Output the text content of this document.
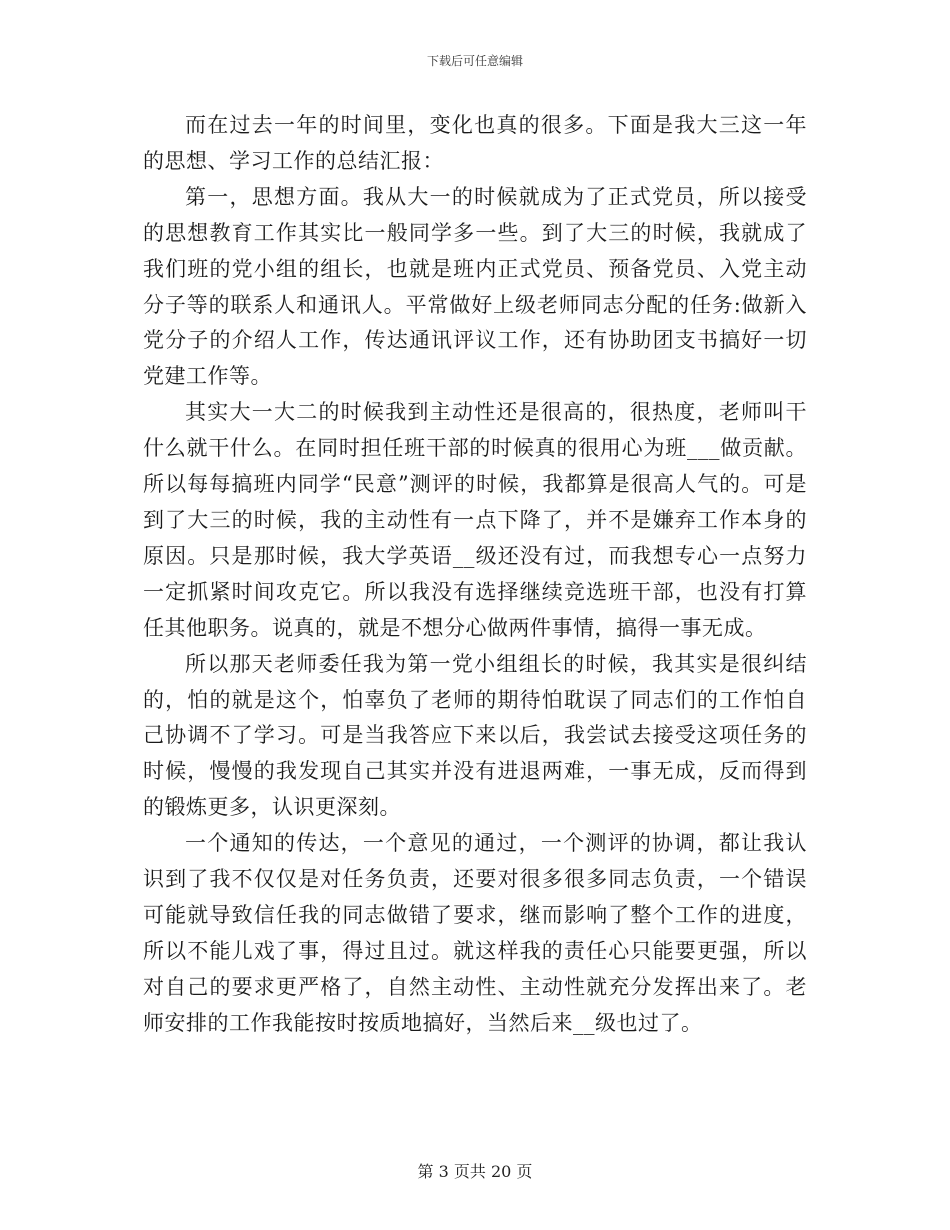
下载后可任意编辑

而在过去一年的时间里，变化也真的很多。下面是我大三这一年的思想、学习工作的总结汇报：

第一，思想方面。我从大一的时候就成为了正式党员，所以接受的思想教育工作其实比一般同学多一些。到了大三的时候，我就成了我们班的党小组的组长，也就是班内正式党员、预备党员、入党主动分子等的联系人和通讯人。平常做好上级老师同志分配的任务:做新入党分子的介绍人工作，传达通讯评议工作，还有协助团支书搞好一切党建工作等。

其实大一大二的时候我到主动性还是很高的，很热度，老师叫干什么就干什么。在同时担任班干部的时候真的很用心为班___做贡献。所以每每搞班内同学“民意”测评的时候，我都算是很高人气的。可是到了大三的时候，我的主动性有一点下降了，并不是嫌弃工作本身的原因。只是那时候，我大学英语__级还没有过，而我想专心一点努力一定抓紧时间攻克它。所以我没有选择继续竞选班干部，也没有打算任其他职务。说真的，就是不想分心做两件事情，搞得一事无成。

所以那天老师委任我为第一党小组组长的时候，我其实是很纠结的，怕的就是这个，怕辜负了老师的期待怕耽误了同志们的工作怕自己协调不了学习。可是当我答应下来以后，我尝试去接受这项任务的时候，慢慢的我发现自己其实并没有进退两难，一事无成，反而得到的锻炼更多，认识更深刻。

一个通知的传达，一个意见的通过，一个测评的协调，都让我认识到了我不仅仅是对任务负责，还要对很多很多同志负责，一个错误可能就导致信任我的同志做错了要求，继而影响了整个工作的进度，所以不能儿戏了事，得过且过。就这样我的责任心只能要更强，所以对自己的要求更严格了，自然主动性、主动性就充分发挥出来了。老师安排的工作我能按时按质地搞好，当然后来__级也过了。

第 3 页共 20 页
